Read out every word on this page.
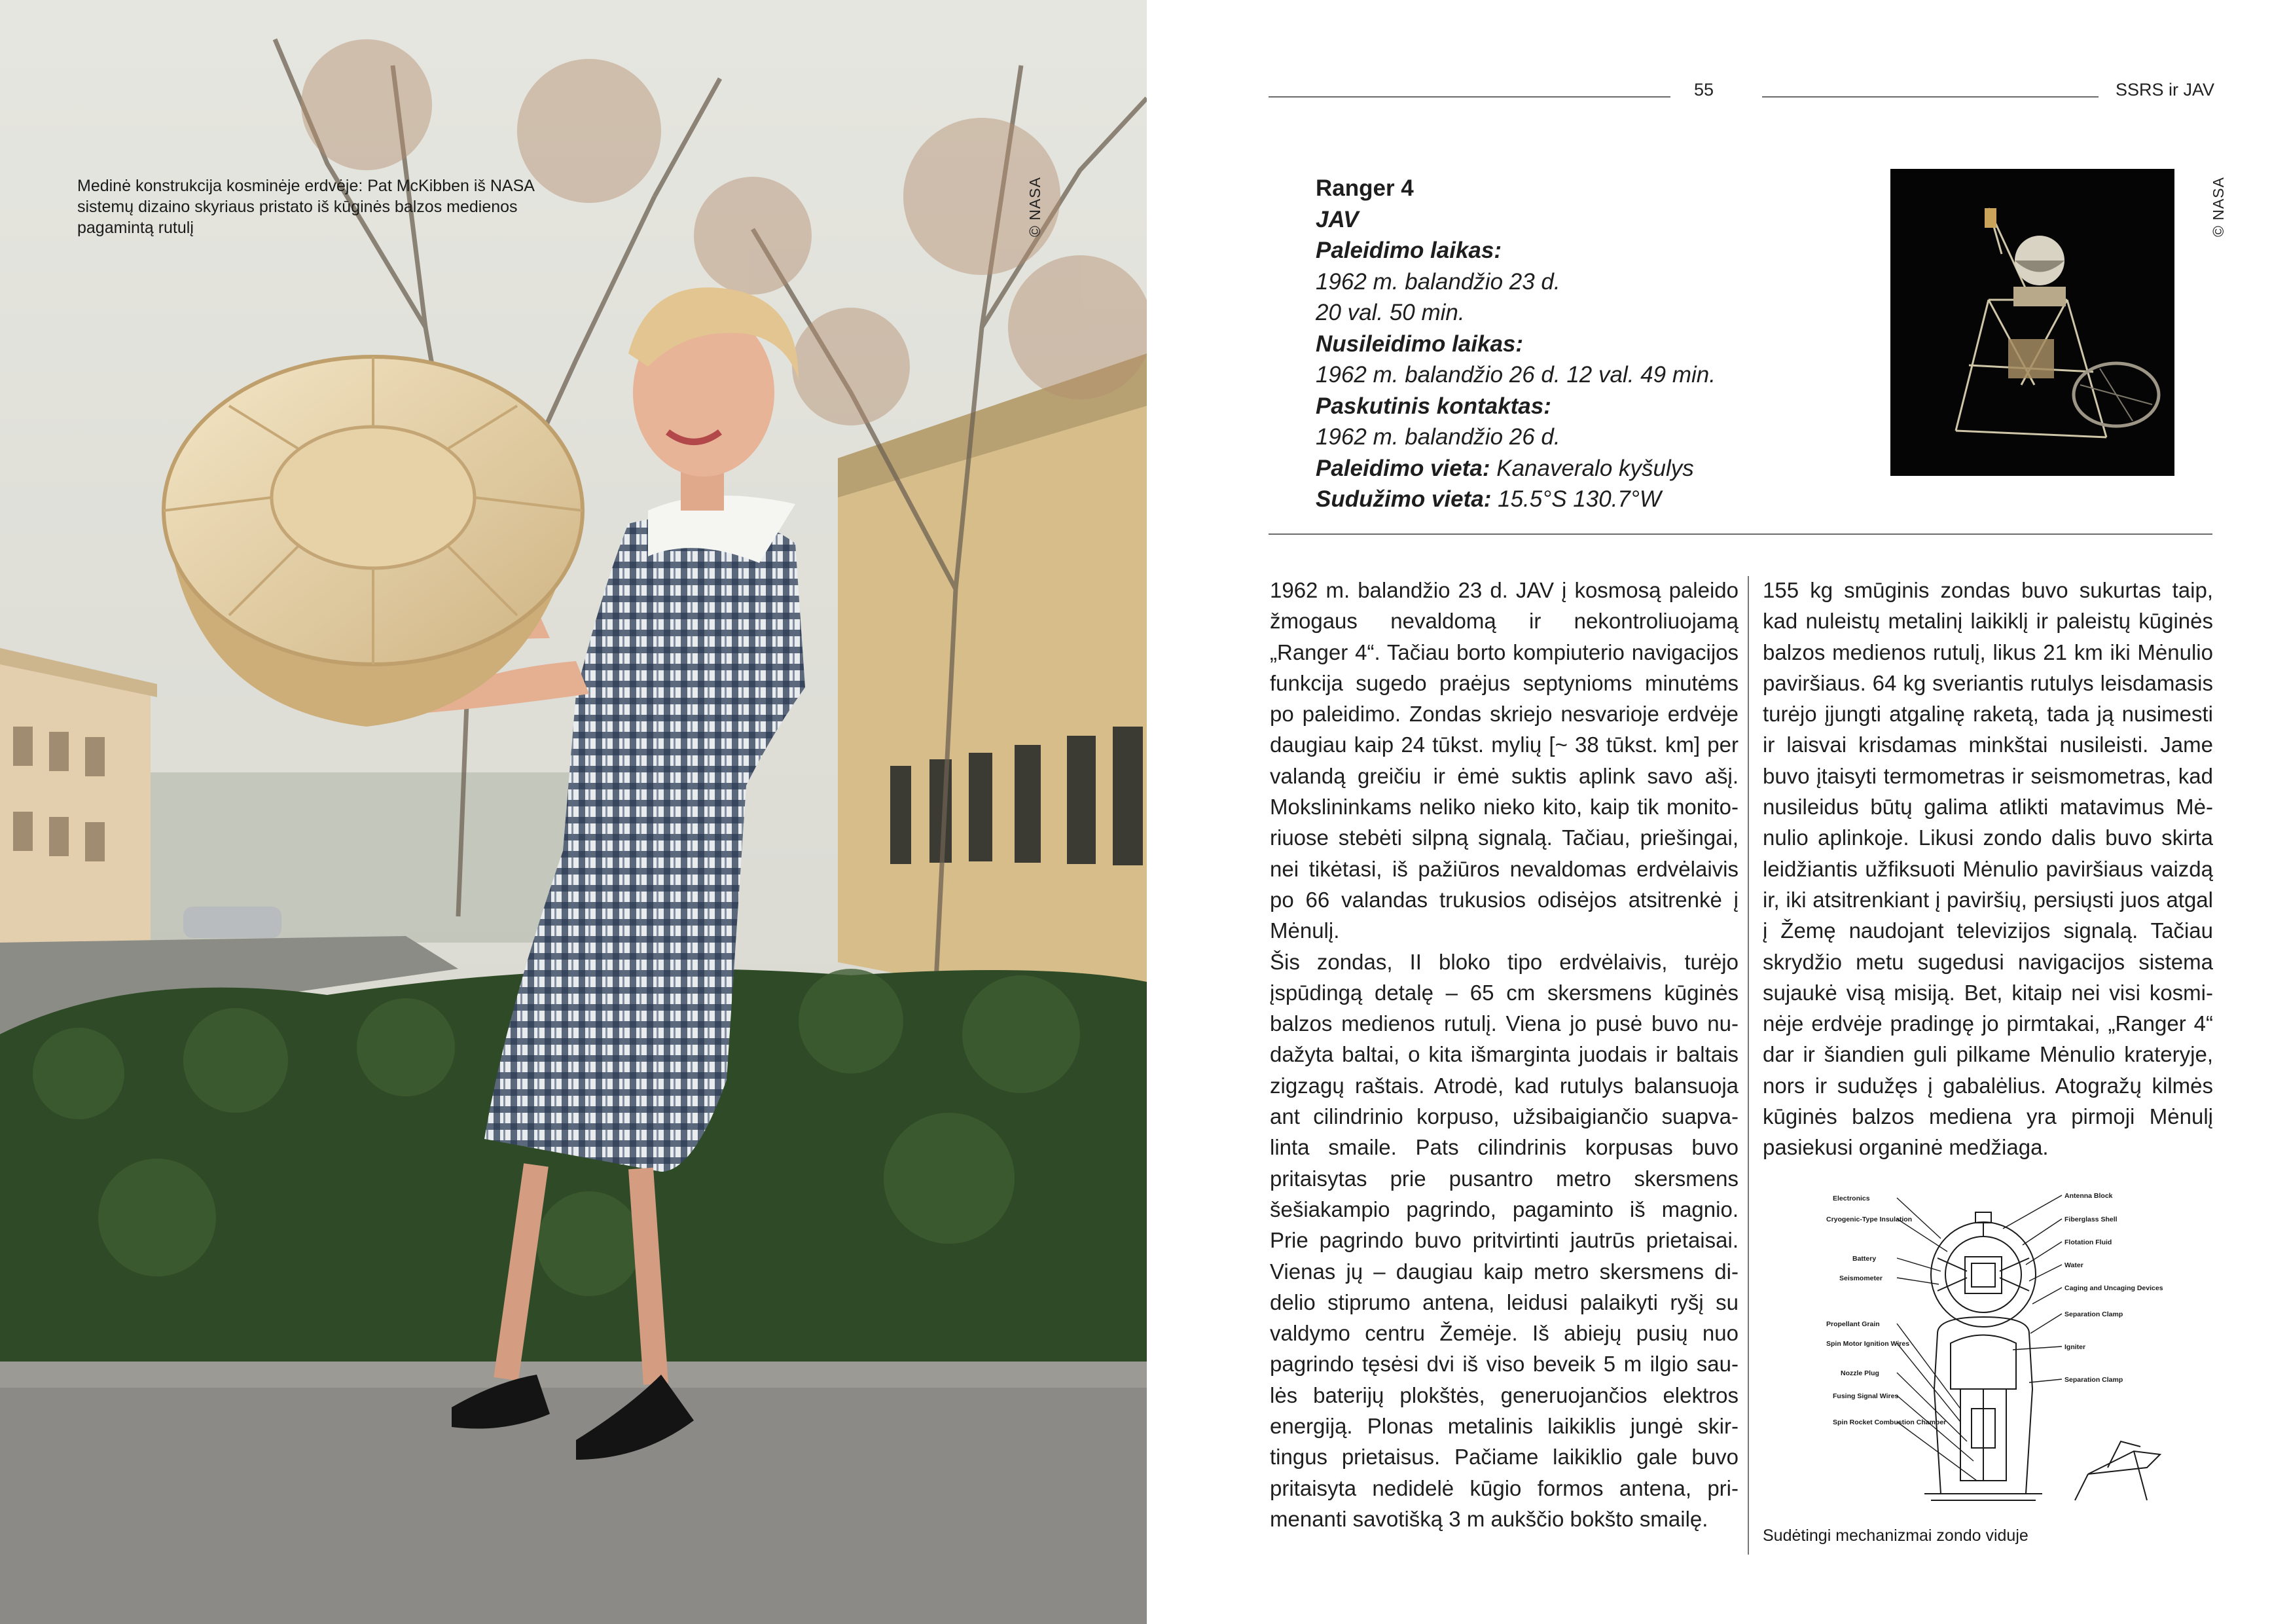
Medinė konstrukcija kosminėje erdvėje: Pat McKibben iš NASA sistemų dizaino skyriaus pristato iš kūginės balzos medienos pagamintą rutulį	© NASA
55	SSRS ir JAV
Ranger 4
JAV
Paleidimo laikas:
1962 m. balandžio 23 d.
20 val. 50 min.
Nusileidimo laikas:
1962 m. balandžio 26 d. 12 val. 49 min.
Paskutinis kontaktas:
1962 m. balandžio 26 d.
Paleidimo vieta: Kanaveralo kyšulys
Sudužimo vieta: 15.5°S 130.7°W
© NASA

1962 m. balandžio 23 d. JAV į kosmosą paleido žmogaus nevaldomą ir nekontroliuojamą „Ranger 4“. Tačiau borto kompiuterio navigacijos funkcija sugedo praėjus septynioms minutėms po paleidimo. Zondas skriejo nesvarioje erdvėje daugiau kaip 24 tūkst. mylių [~ 38 tūkst. km] per valandą greičiu ir ėmė suktis aplink savo ašį. Mokslininkams neliko nieko kito, kaip tik monitoriuose stebėti silpną signalą. Tačiau, priešingai, nei tikėtasi, iš pažiūros nevaldomas erdvėlaivis po 66 valandas trukusios odisėjos atsitrenkė į Mėnulį.

Šis zondas, II bloko tipo erdvėlaivis, turėjo įspūdingą detalę – 65 cm skersmens kūginės balzos medienos rutulį. Viena jo pusė buvo nudažyta baltai, o kita išmarginta juodais ir baltais zigzagų raštais. Atrodė, kad rutulys balansuoja ant cilindrinio korpuso, užsibaigiančio suapvalinta smaile. Pats cilindrinis korpusas buvo pritaisytas prie pusantro metro skersmens šešiakampio pagrindo, pagaminto iš magnio. Prie pagrindo buvo pritvirtinti jautrūs prietaisai. Vienas jų – daugiau kaip metro skersmens didelio stiprumo antena, leidusi palaikyti ryšį su valdymo centru Žemėje. Iš abiejų pusių nuo pagrindo tęsėsi dvi iš viso beveik 5 m ilgio saulės baterijų plokštės, generuojančios elektros energiją. Plonas metalinis laikiklis jungė skirtingus prietaisus. Pačiame laikiklio gale buvo pritaisyta nedidelė kūgio formos antena, primenanti savotišką 3 m aukščio bokšto smailę.

155 kg smūginis zondas buvo sukurtas taip, kad nuleistų metalinį laikiklį ir paleistų kūginės balzos medienos rutulį, likus 21 km iki Mėnulio paviršiaus. 64 kg sveriantis rutulys leisdamasis turėjo įjungti atgalinę raketą, tada ją nusimesti ir laisvai krisdamas minkštai nusileisti. Jame buvo įtaisyti termometras ir seismometras, kad nusileidus būtų galima atlikti matavimus Mėnulio aplinkoje. Likusi zondo dalis buvo skirta leidžiantis užfiksuoti Mėnulio paviršiaus vaizdą ir, iki atsitrenkiant į paviršių, persiųsti juos atgal į Žemę naudojant televizijos signalą. Tačiau skrydžio metu sugedusi navigacijos sistema sujaukė visą misiją. Bet, kitaip nei visi kosminėje erdvėje pradingę jo pirmtakai, „Ranger 4“ dar ir šiandien guli pilkame Mėnulio krateryje, nors ir sudužęs į gabalėlius. Atogražų kilmės kūginės balzos mediena yra pirmoji Mėnulį pasiekusi organinė medžiaga.

Electronics
Cryogenic-Type Insulation
Battery
Seismometer
Propellant Grain
Spin Motor Ignition Wires
Nozzle Plug
Fusing Signal Wires
Spin Rocket Combustion Chamber
Antenna Block
Fiberglass Shell
Flotation Fluid
Water
Caging and Uncaging Devices
Separation Clamp
Igniter
Separation Clamp
Sudėtingi mechanizmai zondo viduje
